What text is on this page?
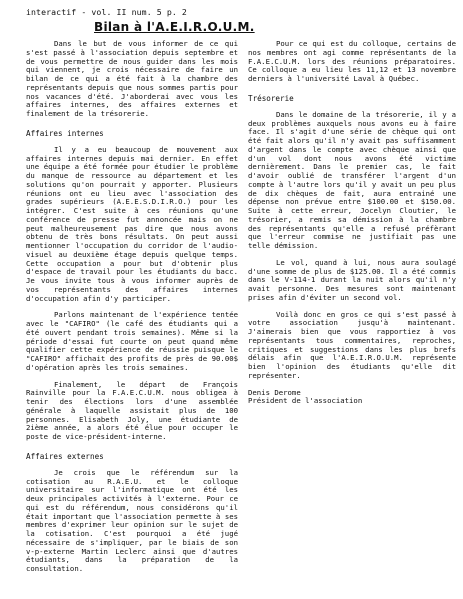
interactif - vol. II num. 5 p. 2
Bilan à l'A.E.I.R.O.U.M.

Dans le but de vous informer de ce qui s'est passé à l'association depuis septembre et de vous permettre de nous guider dans les mois qui viennent, je crois nécessaire de faire un bilan de ce qui a été fait à la chambre des représentants depuis que nous sommes partis pour nos vacances d'été. J'aborderai avec vous les affaires internes, des affaires externes et finalement de la trésorerie.

Affaires internes

Il y a eu beaucoup de mouvement aux affaires internes depuis mai dernier. En effet une équipe a été formée pour étudier le problème du manque de ressource au département et les solutions qu'on pourrait y apporter. Plusieurs réunions ont eu lieu avec l'association des grades supérieurs (A.E.E.S.D.I.R.O.) pour les intégrer. C'est suite à ces réunions qu'une conférence de presse fut annoncée mais on ne peut malheureusement pas dire que nous avons obtenu de très bons résultats. On peut aussi mentionner l'occupation du corridor de l'audio-visuel au deuxième étage depuis quelque temps. Cette occupation a pour but d'obtenir plus d'espace de travail pour les étudiants du bacc. Je vous invite tous à vous informer auprès de vos représentants des affaires internes d'occupation afin d'y participer.

Parlons maintenant de l'expérience tentée avec le "CAFIRO" (le café des étudiants qui a été ouvert pendant trois semaines). Même si la période d'essai fut courte on peut quand même qualifier cette expérience de réussie puisque le "CAFIRO" affichait des profits de près de 90.00$ d'opération après les trois semaines.

Finalement, le départ de François Rainville pour la F.A.E.C.U.M. nous obligea à tenir des élections lors d'une assemblée générale à laquelle assistait plus de 100 personnes. Elisabeth Joly, une étudiante de 2ième année, a alors été élue pour occuper le poste de vice-président-interne.

Affaires externes

Je crois que le référendum sur la cotisation au R.A.E.U. et le colloque universitaire sur l'informatique ont été les deux principales activités à l'externe. Pour ce qui est du référendum, nous considérons qu'il était important que l'association permette à ses membres d'exprimer leur opinion sur le sujet de la cotisation. C'est pourquoi a été jugé nécessaire de s'impliquer, par le biais de son v-p-externe Martin Leclerc ainsi que d'autres étudiants, dans la préparation de la consultation.

Pour ce qui est du colloque, certains de nos membres ont agi comme représentants de la F.A.E.C.U.M. lors des réunions préparatoires. Ce colloque a eu lieu les 11,12 et 13 novembre derniers à l'université Laval à Québec.

Trésorerie

Dans le domaine de la trésorerie, il y a deux problèmes auxquels nous avons eu à faire face. Il s'agit d'une série de chèque qui ont été fait alors qu'il n'y avait pas suffisamment d'argent dans le compte avec chèque ainsi que d'un vol dont nous avons été victime dernièrement. Dans le premier cas, le fait d'avoir oublié de transférer l'argent d'un compte à l'autre lors qu'il y avait un peu plus de dix chèques de fait, aura entrainé une dépense non prévue entre $100.00 et $150.00. Suite à cette erreur, Jocelyn Cloutier, le trésorier, a remis sa démission à la chambre des représentants qu'elle a refusé préfèrant que l'erreur commise ne justifiait pas une telle démission.

Le vol, quand à lui, nous aura soulagé d'une somme de plus de $125.00. Il a été commis dans le V-114-1 durant la nuit alors qu'il n'y avait personne. Des mesures sont maintenant prises afin d'éviter un second vol.

Voilà donc en gros ce qui s'est passé à votre association jusqu'à maintenant. J'aimerais bien que vous rapportiez à vos représentants tous commentaires, reproches, critiques et suggestions dans les plus brefs délais afin que l'A.E.I.R.O.U.M. représente bien l'opinion des étudiants qu'elle dit représenter.

Denis Derome
Président de l'association
